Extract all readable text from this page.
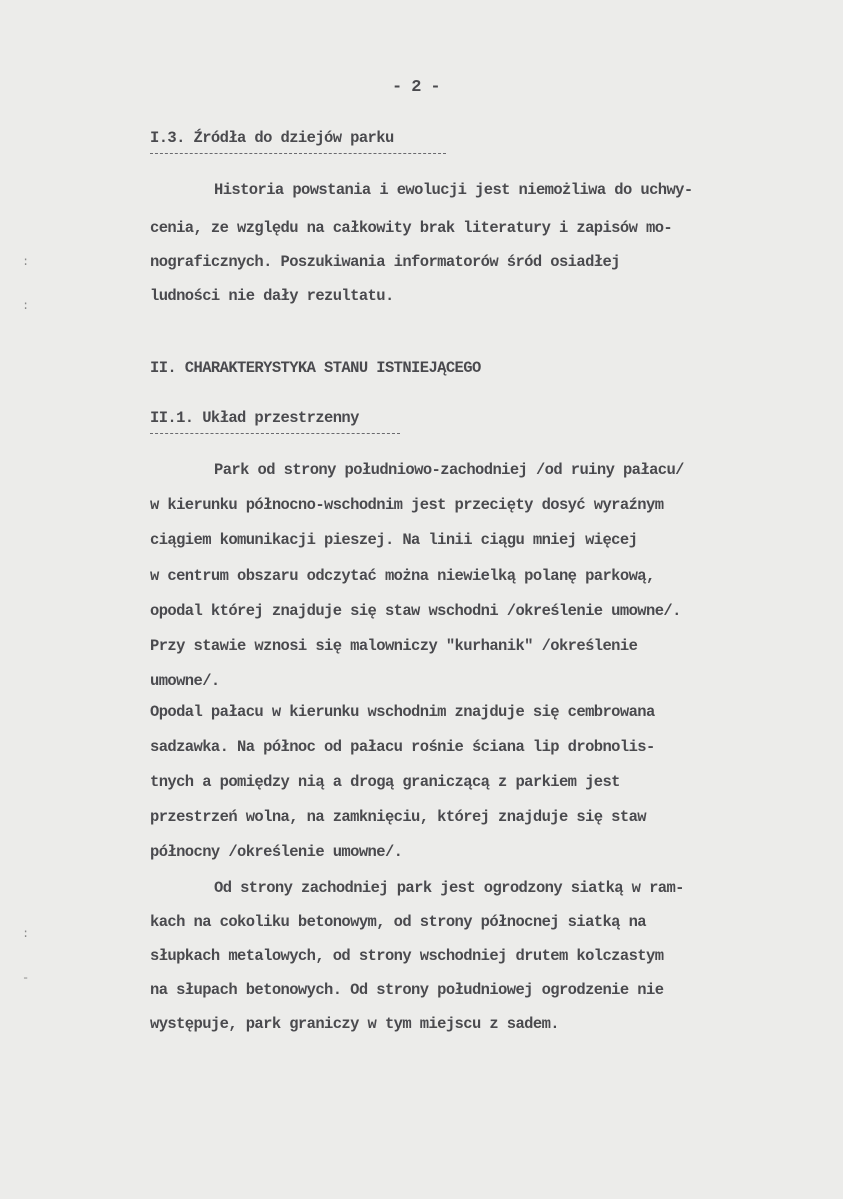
- 2 -
I.3. Źródła do dziejów parku
Historia powstania i ewolucji jest niemożliwa do uchwy-
cenia, ze względu na całkowity brak literatury i zapisów mo-
nograficznych. Poszukiwania informatorów śród osiadłej
ludności nie dały rezultatu.
II. CHARAKTERYSTYKA STANU ISTNIEJĄCEGO
II.1. Układ przestrzenny
Park od strony południowo-zachodniej /od ruiny pałacu/
w kierunku północno-wschodnim jest przecięty dosyć wyraźnym
ciągiem komunikacji pieszej. Na linii ciągu mniej więcej
w centrum obszaru odczytać można niewielką polanę parkową,
opodal której znajduje się staw wschodni /określenie umowne/.
Przy stawie wznosi się malowniczy "kurhanik" /określenie
umowne/.
Opodal pałacu w kierunku wschodnim znajduje się cembrowana
sadzawka. Na północ od pałacu rośnie ściana lip drobnolis-
tnych a pomiędzy nią a drogą graniczącą z parkiem jest
przestrzeń wolna, na zamknięciu, której znajduje się staw
północny /określenie umowne/.
Od strony zachodniej park jest ogrodzony siatką w ram-
kach na cokoliku betonowym, od strony północnej siatką na
słupkach metalowych, od strony wschodniej drutem kolczastym
na słupach betonowych. Od strony południowej ogrodzenie nie
występuje, park graniczy w tym miejscu z sadem.
:
:
:
-
